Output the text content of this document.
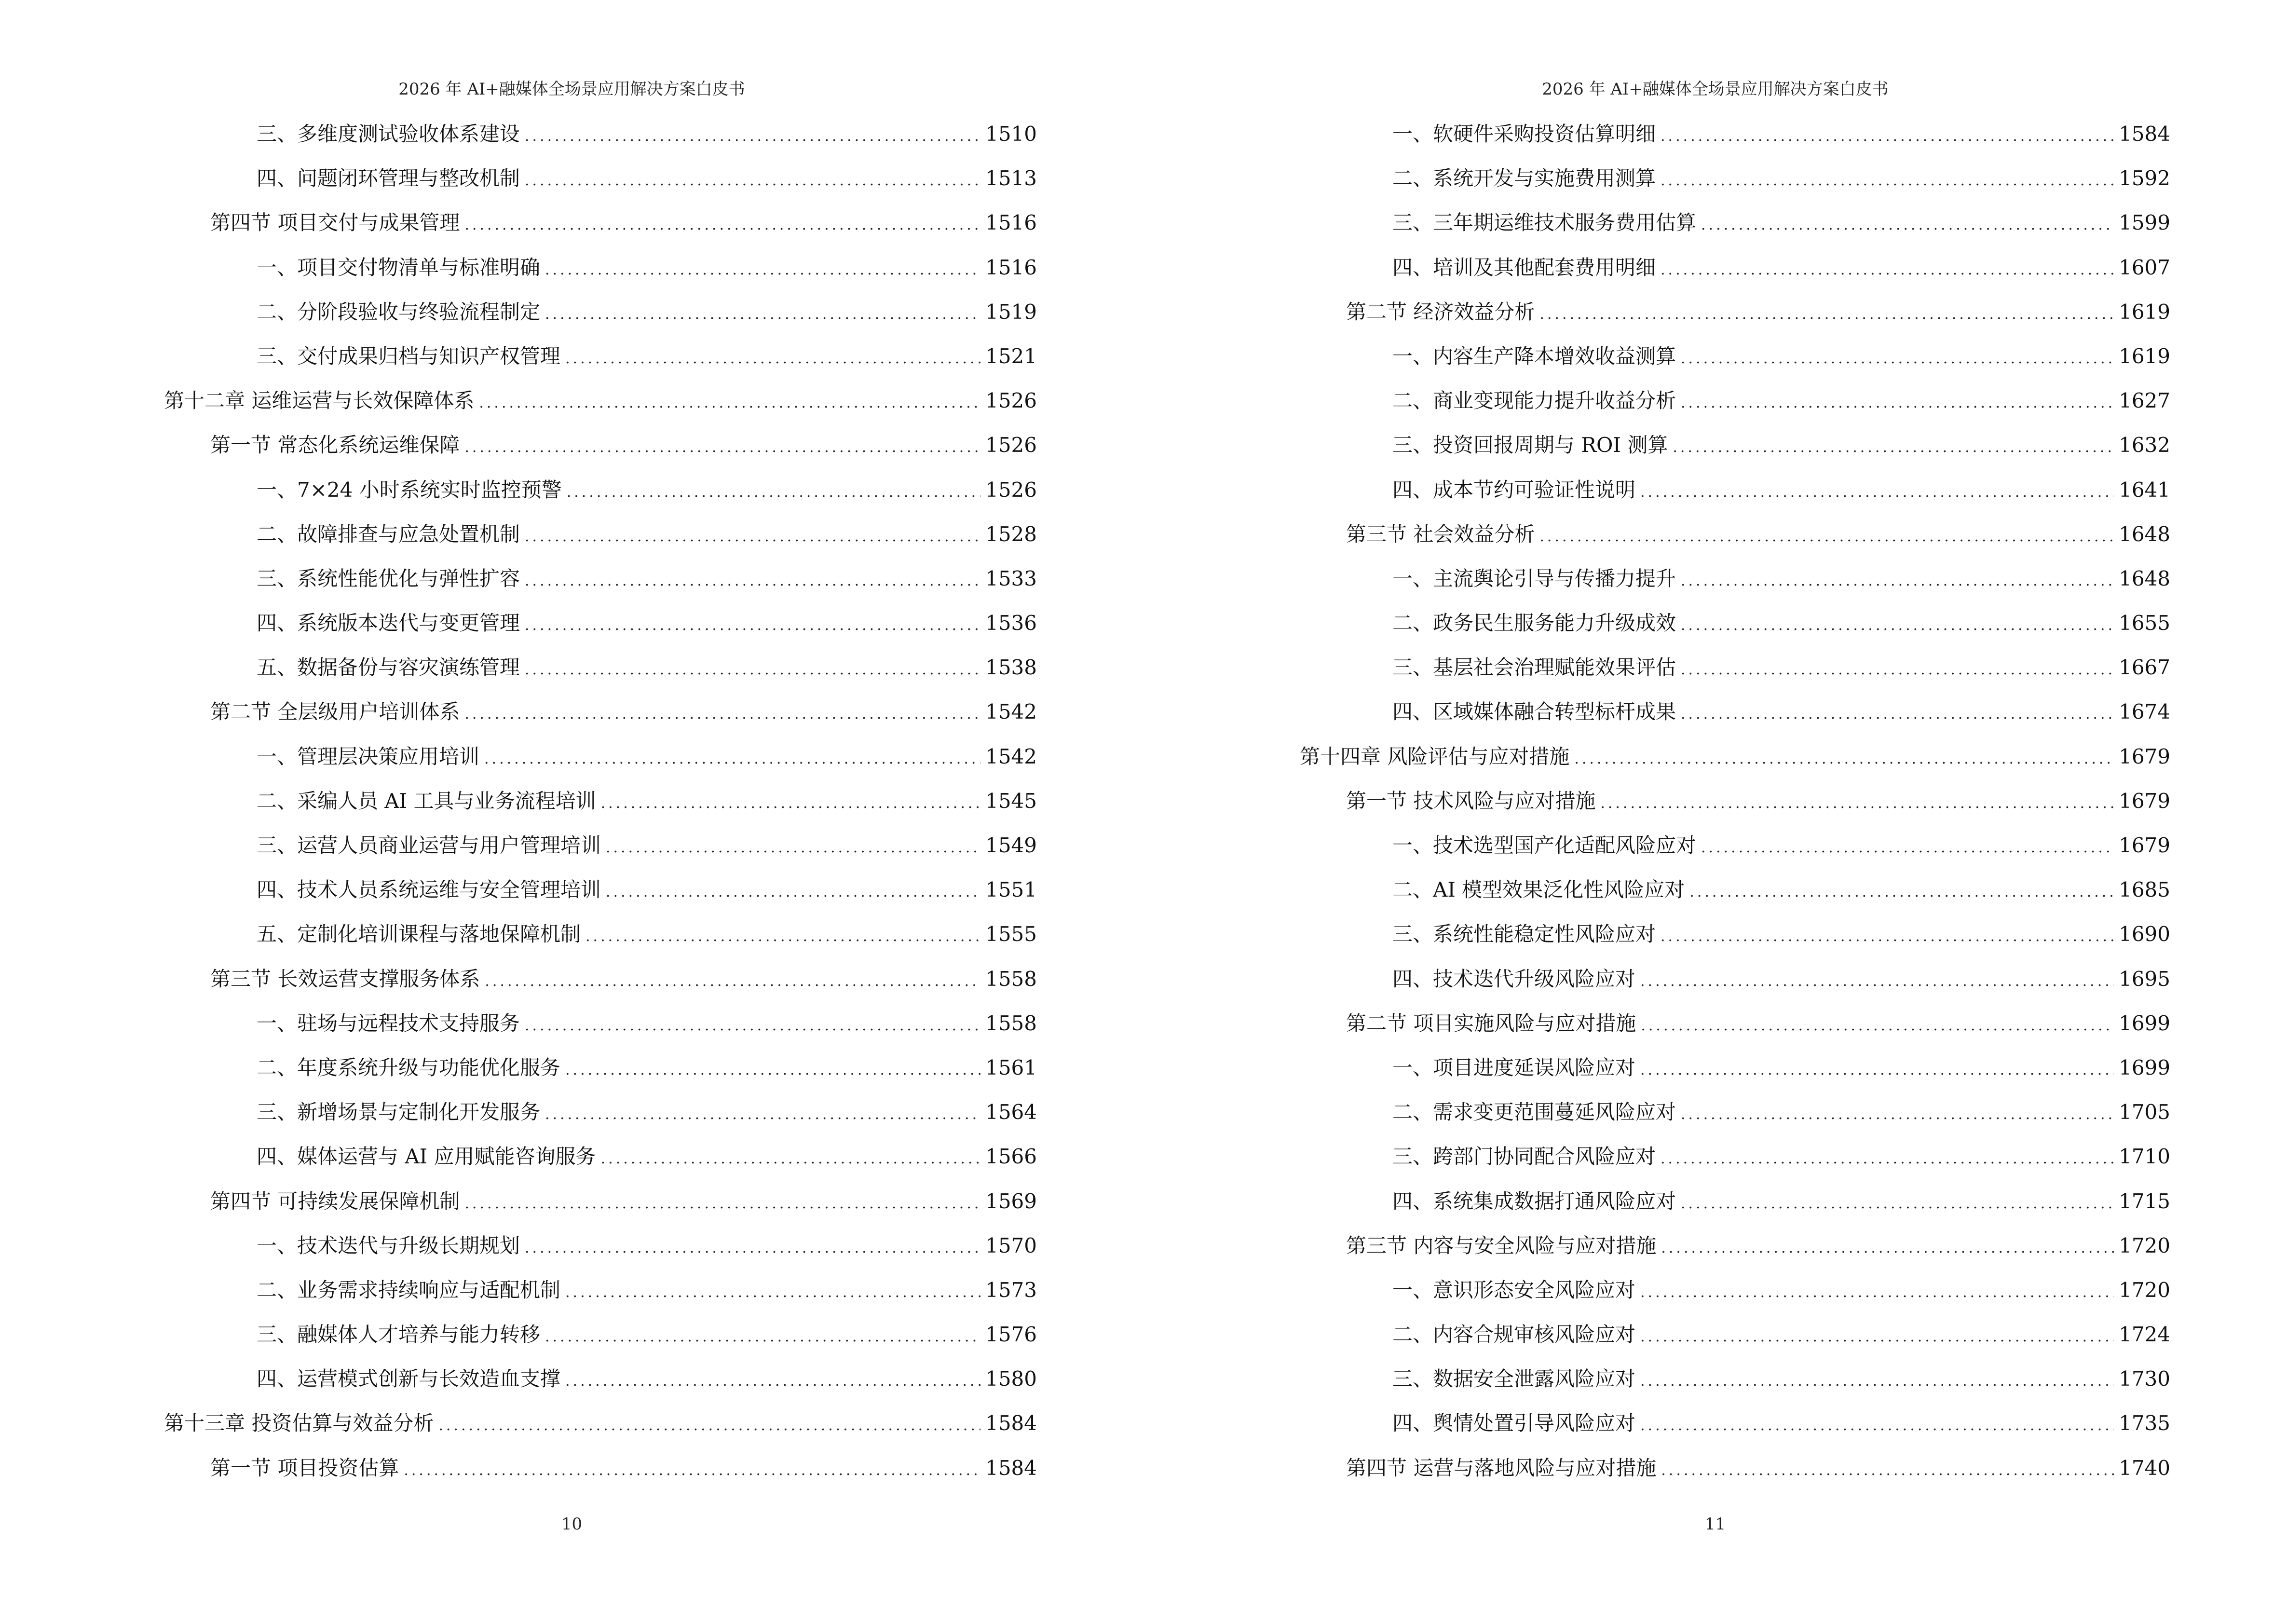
2026 年 AI+融媒体全场景应用解决方案白皮书
三、多维度测试验收体系建设 .....	1510
四、问题闭环管理与整改机制 .....	1513
第四节 项目交付与成果管理 .....	1516
一、项目交付物清单与标准明确 .....	1516
二、分阶段验收与终验流程制定 .....	1519
三、交付成果归档与知识产权管理 .....	1521
第十二章 运维运营与长效保障体系 .....	1526
第一节 常态化系统运维保障 .....	1526
一、7×24 小时系统实时监控预警 .....	1526
二、故障排查与应急处置机制 .....	1528
三、系统性能优化与弹性扩容 .....	1533
四、系统版本迭代与变更管理 .....	1536
五、数据备份与容灾演练管理 .....	1538
第二节 全层级用户培训体系 .....	1542
一、管理层决策应用培训 .....	1542
二、采编人员 AI 工具与业务流程培训 .....	1545
三、运营人员商业运营与用户管理培训 .....	1549
四、技术人员系统运维与安全管理培训 .....	1551
五、定制化培训课程与落地保障机制 .....	1555
第三节 长效运营支撑服务体系 .....	1558
一、驻场与远程技术支持服务 .....	1558
二、年度系统升级与功能优化服务 .....	1561
三、新增场景与定制化开发服务 .....	1564
四、媒体运营与 AI 应用赋能咨询服务 .....	1566
第四节 可持续发展保障机制 .....	1569
一、技术迭代与升级长期规划 .....	1570
二、业务需求持续响应与适配机制 .....	1573
三、融媒体人才培养与能力转移 .....	1576
四、运营模式创新与长效造血支撑 .....	1580
第十三章 投资估算与效益分析 .....	1584
第一节 项目投资估算 .....	1584
10
2026 年 AI+融媒体全场景应用解决方案白皮书
一、软硬件采购投资估算明细 .....	1584
二、系统开发与实施费用测算 .....	1592
三、三年期运维技术服务费用估算 .....	1599
四、培训及其他配套费用明细 .....	1607
第二节 经济效益分析 .....	1619
一、内容生产降本增效收益测算 .....	1619
二、商业变现能力提升收益分析 .....	1627
三、投资回报周期与 ROI 测算 .....	1632
四、成本节约可验证性说明 .....	1641
第三节 社会效益分析 .....	1648
一、主流舆论引导与传播力提升 .....	1648
二、政务民生服务能力升级成效 .....	1655
三、基层社会治理赋能效果评估 .....	1667
四、区域媒体融合转型标杆成果 .....	1674
第十四章 风险评估与应对措施 .....	1679
第一节 技术风险与应对措施 .....	1679
一、技术选型国产化适配风险应对 .....	1679
二、AI 模型效果泛化性风险应对 .....	1685
三、系统性能稳定性风险应对 .....	1690
四、技术迭代升级风险应对 .....	1695
第二节 项目实施风险与应对措施 .....	1699
一、项目进度延误风险应对 .....	1699
二、需求变更范围蔓延风险应对 .....	1705
三、跨部门协同配合风险应对 .....	1710
四、系统集成数据打通风险应对 .....	1715
第三节 内容与安全风险与应对措施 .....	1720
一、意识形态安全风险应对 .....	1720
二、内容合规审核风险应对 .....	1724
三、数据安全泄露风险应对 .....	1730
四、舆情处置引导风险应对 .....	1735
第四节 运营与落地风险与应对措施 .....	1740
11
